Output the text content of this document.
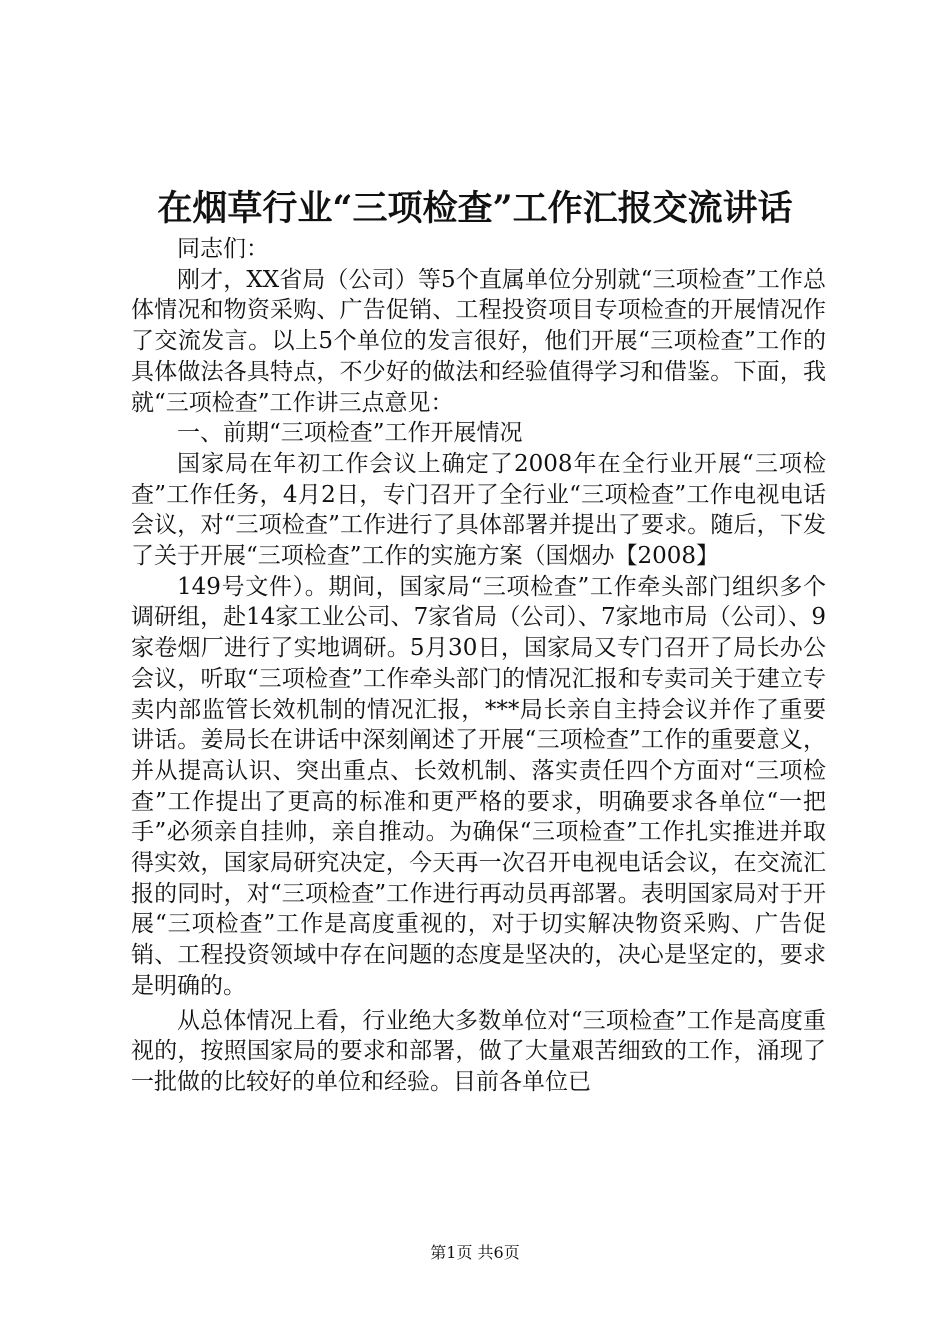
在烟草行业“三项检查”工作汇报交流讲话

同志们：

刚才，XX省局（公司）等5个直属单位分别就“三项检查”工作总体情况和物资采购、广告促销、工程投资项目专项检查的开展情况作了交流发言。以上5个单位的发言很好，他们开展“三项检查”工作的具体做法各具特点，不少好的做法和经验值得学习和借鉴。下面，我就“三项检查”工作讲三点意见：

一、前期“三项检查”工作开展情况

国家局在年初工作会议上确定了2008年在全行业开展“三项检查”工作任务，4月2日，专门召开了全行业“三项检查”工作电视电话会议，对“三项检查”工作进行了具体部署并提出了要求。随后，下发了关于开展“三项检查”工作的实施方案（国烟办【2008】

149号文件）。期间，国家局“三项检查”工作牵头部门组织多个调研组，赴14家工业公司、7家省局（公司）、7家地市局（公司）、9家卷烟厂进行了实地调研。5月30日，国家局又专门召开了局长办公会议，听取“三项检查”工作牵头部门的情况汇报和专卖司关于建立专卖内部监管长效机制的情况汇报，***局长亲自主持会议并作了重要讲话。姜局长在讲话中深刻阐述了开展“三项检查”工作的重要意义，并从提高认识、突出重点、长效机制、落实责任四个方面对“三项检查”工作提出了更高的标准和更严格的要求，明确要求各单位“一把手”必须亲自挂帅，亲自推动。为确保“三项检查”工作扎实推进并取得实效，国家局研究决定，今天再一次召开电视电话会议，在交流汇报的同时，对“三项检查”工作进行再动员再部署。表明国家局对于开展“三项检查”工作是高度重视的，对于切实解决物资采购、广告促销、工程投资领域中存在问题的态度是坚决的，决心是坚定的，要求是明确的。

从总体情况上看，行业绝大多数单位对“三项检查”工作是高度重视的，按照国家局的要求和部署，做了大量艰苦细致的工作，涌现了一批做的比较好的单位和经验。目前各单位已

第1页 共6页
